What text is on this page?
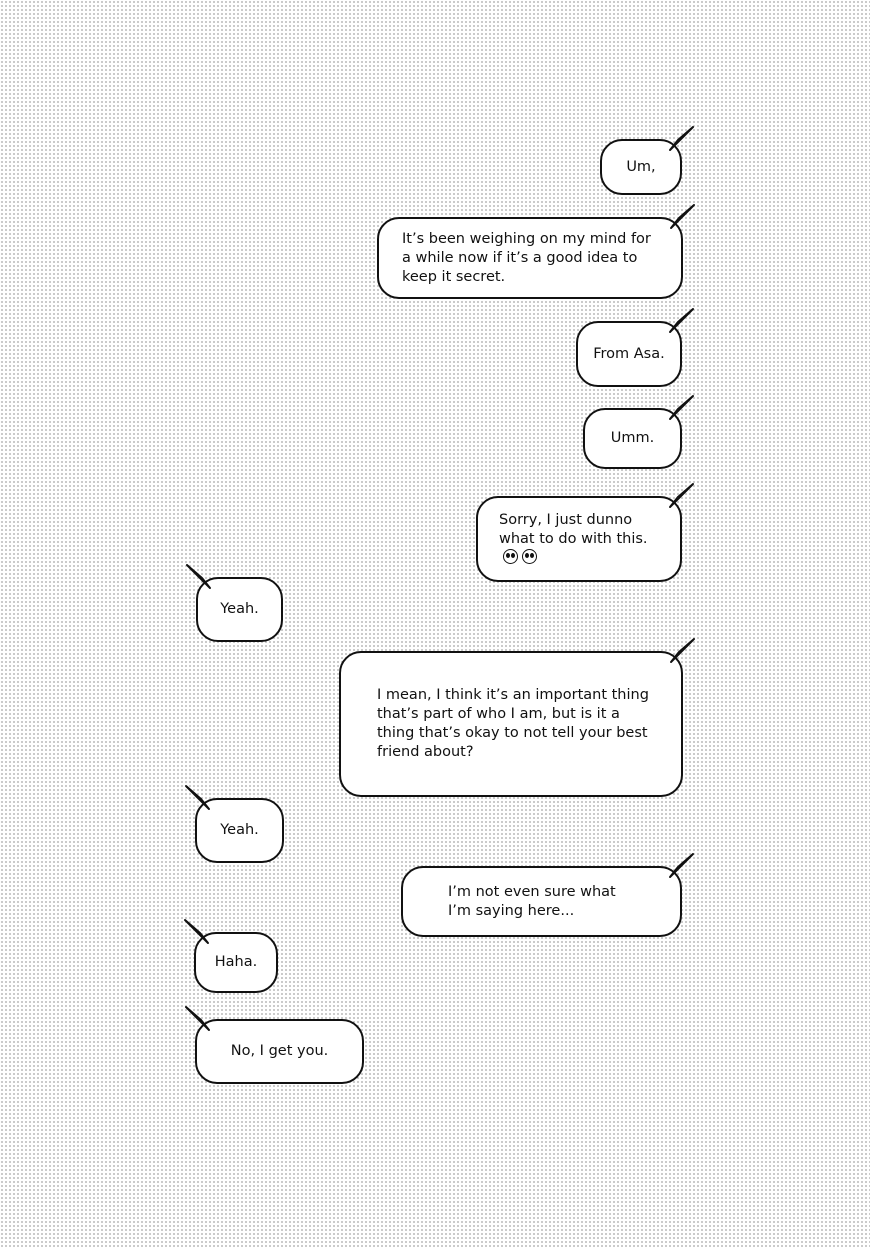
Um,
It’s been weighing on my mind for a while now if it’s a good idea to keep it secret.
From Asa.
Umm.
Sorry, I just dunno what to do with this.
Yeah.
I mean, I think it’s an important thing that’s part of who I am, but is it a thing that’s okay to not tell your best friend about?
Yeah.
I’m not even sure what I’m saying here...
Haha.
No, I get you.
